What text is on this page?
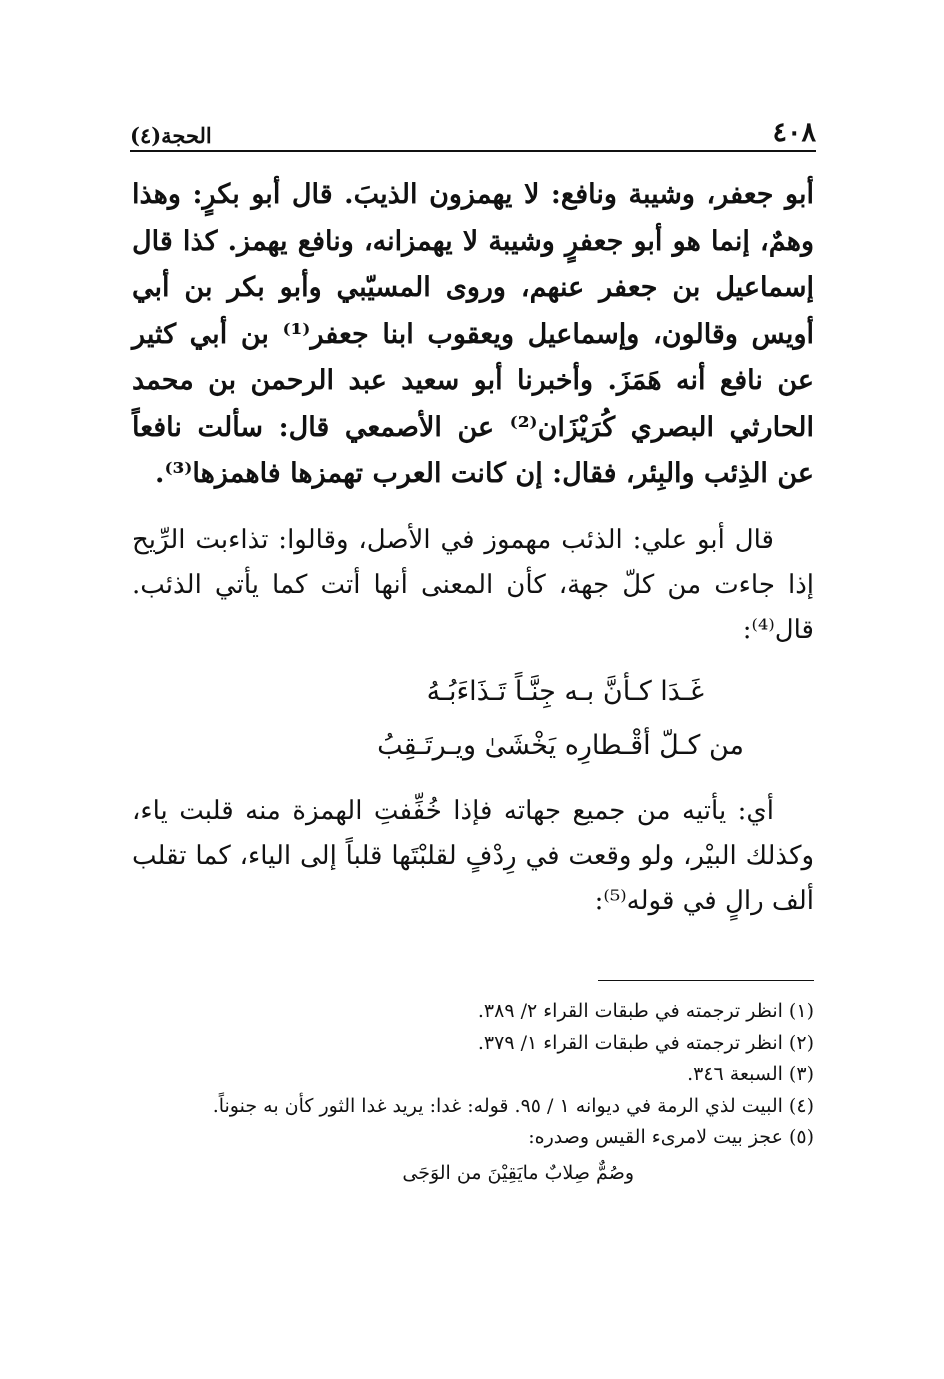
٤٠٨
الحجة(٤)
أبو جعفر، وشيبة ونافع: لا يهمزون الذيبَ. قال أبو بكرٍ: وهذا وهمٌ، إنما هو أبو جعفرٍ وشيبة لا يهمزانه، ونافع يهمز. كذا قال إسماعيل بن جعفر عنهم، وروى المسيّبي وأبو بكر بن أبي أويس وقالون، وإسماعيل ويعقوب ابنا جعفر⁽¹⁾ بن أبي كثير عن نافع أنه هَمَزَ. وأخبرنا أبو سعيد عبد الرحمن بن محمد الحارثي البصري كُرَيْزَان⁽²⁾ عن الأصمعي قال: سألت نافعاً عن الذِئب والبِئر، فقال: إن كانت العرب تهمزها فاهمزها⁽³⁾.
قال أبو علي: الذئب مهموز في الأصل، وقالوا: تذاءبت الرِّيح إذا جاءت من كلّ جهة، كأن المعنى أنها أتت كما يأتي الذئب. قال⁽⁴⁾:
غَـدَا كـأنَّ بـه جِنَّـاً تَـذَاءَبُـهُ
من كـلّ أقْـطارِه يَخْشَىٰ ويـرتَـقِبُ
أي: يأتيه من جميع جهاته فإذا خُفِّفتِ الهمزة منه قلبت ياء، وكذلك البيْر، ولو وقعت في رِدْفٍ لقلبْتَها قلباً إلى الياء، كما تقلب ألف رالٍ في قوله⁽⁵⁾:
(١) انظر ترجمته في طبقات القراء ٢/ ٣٨٩.
(٢) انظر ترجمته في طبقات القراء ١/ ٣٧٩.
(٣) السبعة ٣٤٦.
(٤) البيت لذي الرمة في ديوانه ١ / ٩٥. قوله: غدا: يريد غدا الثور كأن به جنوناً.
(٥) عجز بيت لامرىء القيس وصدره:
وصُمٌّ صِلابٌ مايَقِيْنَ من الوَجَى
